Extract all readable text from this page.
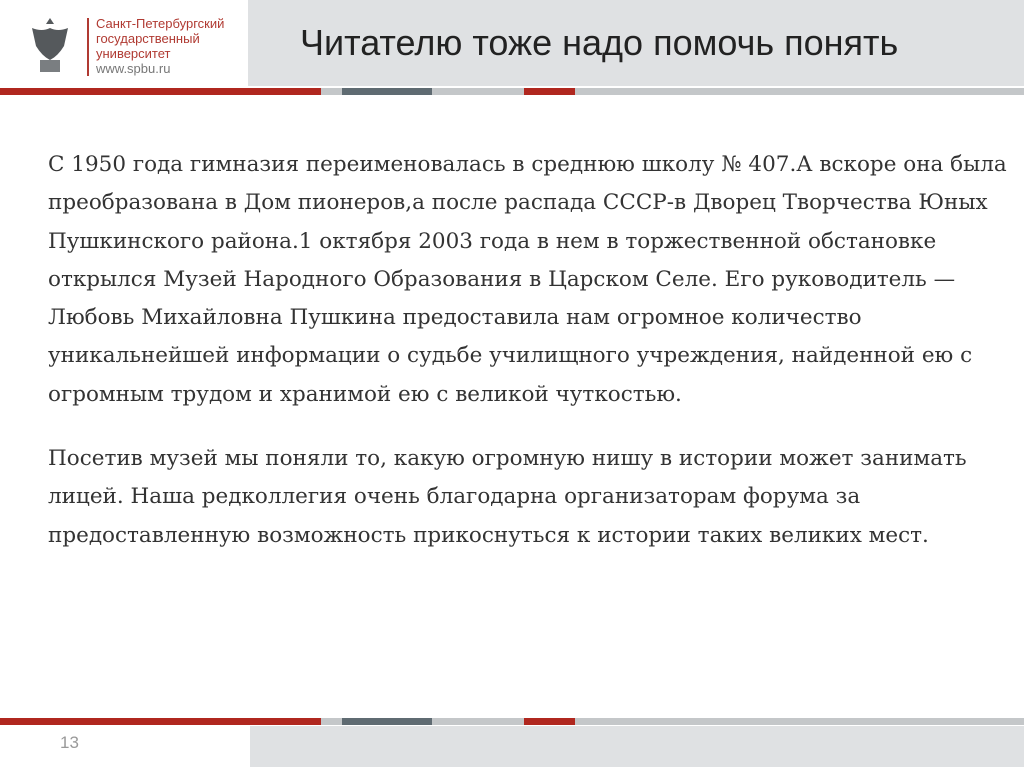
Санкт-Петербургский
государственный
университет
www.spbu.ru
Читателю тоже надо помочь понять

С 1950 года гимназия переименовалась в среднюю школу № 407.А вскоре она была преобразована в Дом пионеров,а после распада СССР-в Дворец Творчества Юных Пушкинского района.1 октября 2003 года в нем в торжественной обстановке открылся Музей Народного Образования в Царском Селе. Его руководитель — Любовь Михайловна Пушкина предоставила нам огромное количество уникальнейшей информации о судьбе училищного учреждения, найденной ею с огромным трудом и хранимой ею с великой чуткостью.

Посетив музей мы поняли то, какую огромную нишу в истории может занимать лицей. Наша редколлегия очень благодарна организаторам форума за предоставленную возможность прикоснуться к истории таких великих мест.

13
